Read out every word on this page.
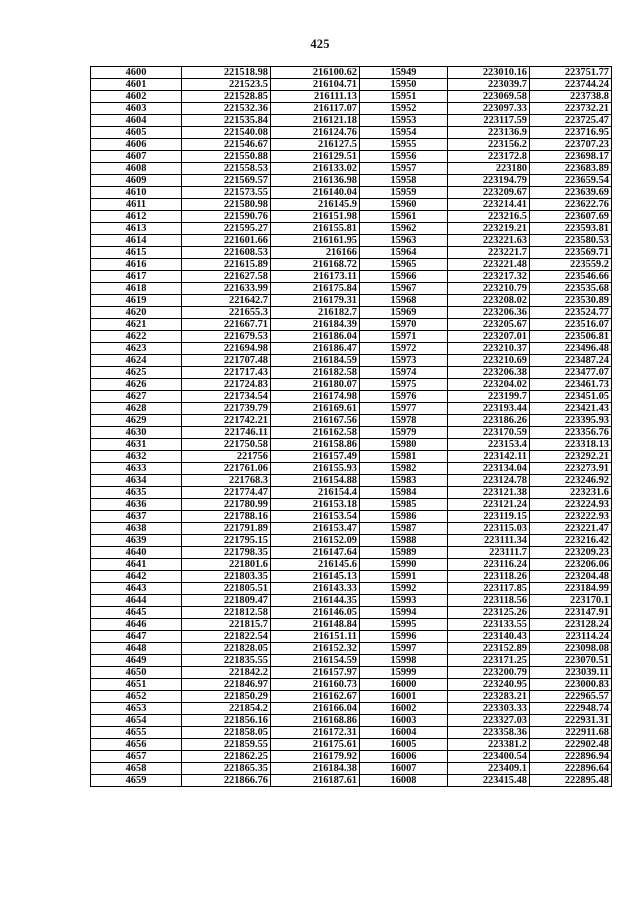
425
4600	221518.98	216100.62	15949	223010.16	223751.77
4601	221523.5	216104.71	15950	223039.7	223744.24
4602	221528.85	216111.13	15951	223069.58	223738.8
4603	221532.36	216117.07	15952	223097.33	223732.21
4604	221535.84	216121.18	15953	223117.59	223725.47
4605	221540.08	216124.76	15954	223136.9	223716.95
4606	221546.67	216127.5	15955	223156.2	223707.23
4607	221550.88	216129.51	15956	223172.8	223698.17
4608	221558.53	216133.02	15957	223180	223683.89
4609	221569.57	216136.98	15958	223194.79	223659.54
4610	221573.55	216140.04	15959	223209.67	223639.69
4611	221580.98	216145.9	15960	223214.41	223622.76
4612	221590.76	216151.98	15961	223216.5	223607.69
4613	221595.27	216155.81	15962	223219.21	223593.81
4614	221601.66	216161.95	15963	223221.63	223580.53
4615	221608.53	216166	15964	223221.7	223569.71
4616	221615.89	216168.72	15965	223221.48	223559.2
4617	221627.58	216173.11	15966	223217.32	223546.66
4618	221633.99	216175.84	15967	223210.79	223535.68
4619	221642.7	216179.31	15968	223208.02	223530.89
4620	221655.3	216182.7	15969	223206.36	223524.77
4621	221667.71	216184.39	15970	223205.67	223516.07
4622	221679.53	216186.04	15971	223207.01	223506.81
4623	221694.98	216186.47	15972	223210.37	223496.48
4624	221707.48	216184.59	15973	223210.69	223487.24
4625	221717.43	216182.58	15974	223206.38	223477.07
4626	221724.83	216180.07	15975	223204.02	223461.73
4627	221734.54	216174.98	15976	223199.7	223451.05
4628	221739.79	216169.61	15977	223193.44	223421.43
4629	221742.21	216167.56	15978	223186.26	223395.93
4630	221746.11	216162.58	15979	223170.59	223356.76
4631	221750.58	216158.86	15980	223153.4	223318.13
4632	221756	216157.49	15981	223142.11	223292.21
4633	221761.06	216155.93	15982	223134.04	223273.91
4634	221768.3	216154.88	15983	223124.78	223246.92
4635	221774.47	216154.4	15984	223121.38	223231.6
4636	221780.99	216153.18	15985	223121.24	223224.93
4637	221788.16	216153.54	15986	223119.15	223222.93
4638	221791.89	216153.47	15987	223115.03	223221.47
4639	221795.15	216152.09	15988	223111.34	223216.42
4640	221798.35	216147.64	15989	223111.7	223209.23
4641	221801.6	216145.6	15990	223116.24	223206.06
4642	221803.35	216145.13	15991	223118.26	223204.48
4643	221805.51	216143.33	15992	223117.85	223184.99
4644	221809.47	216144.35	15993	223118.56	223170.1
4645	221812.58	216146.05	15994	223125.26	223147.91
4646	221815.7	216148.84	15995	223133.55	223128.24
4647	221822.54	216151.11	15996	223140.43	223114.24
4648	221828.05	216152.32	15997	223152.89	223098.08
4649	221835.55	216154.59	15998	223171.25	223070.51
4650	221842.2	216157.97	15999	223200.79	223039.11
4651	221846.97	216160.73	16000	223240.95	223000.83
4652	221850.29	216162.67	16001	223283.21	222965.57
4653	221854.2	216166.04	16002	223303.33	222948.74
4654	221856.16	216168.86	16003	223327.03	222931.31
4655	221858.05	216172.31	16004	223358.36	222911.68
4656	221859.55	216175.61	16005	223381.2	222902.48
4657	221862.25	216179.92	16006	223400.54	222896.94
4658	221865.35	216184.38	16007	223409.1	222896.64
4659	221866.76	216187.61	16008	223415.48	222895.48
